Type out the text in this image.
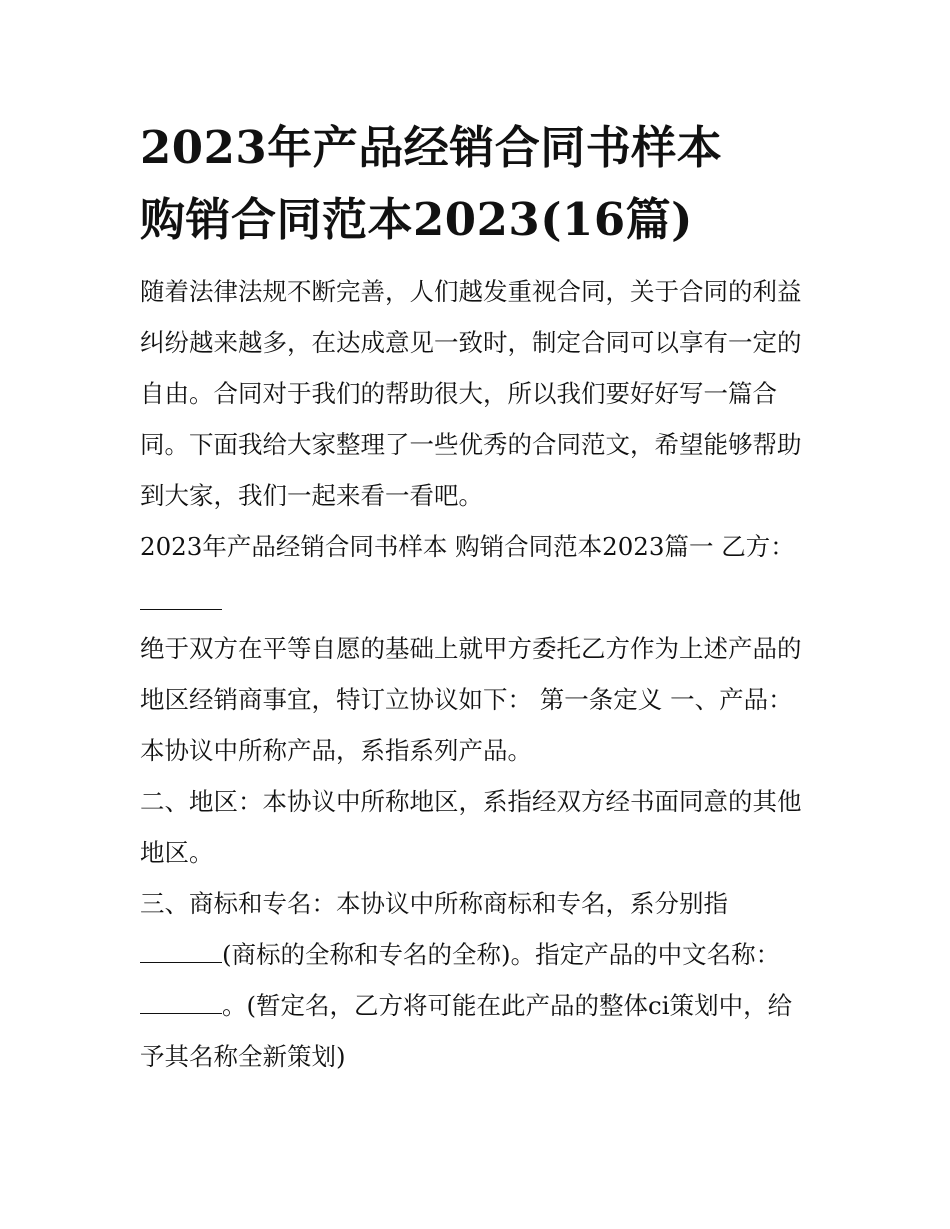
2023年产品经销合同书样本
购销合同范本2023(16篇)

随着法律法规不断完善，人们越发重视合同，关于合同的利益

纠纷越来越多，在达成意见一致时，制定合同可以享有一定的

自由。合同对于我们的帮助很大，所以我们要好好写一篇合

同。下面我给大家整理了一些优秀的合同范文，希望能够帮助

到大家，我们一起来看一看吧。

2023年产品经销合同书样本 购销合同范本2023篇一 乙方：

绝于双方在平等自愿的基础上就甲方委托乙方作为上述产品的

地区经销商事宜，特订立协议如下： 第一条定义 一、产品：

本协议中所称产品，系指系列产品。

二、地区：本协议中所称地区，系指经双方经书面同意的其他

地区。

三、商标和专名：本协议中所称商标和专名，系分别指

(商标的全称和专名的全称)。指定产品的中文名称：

。(暂定名，乙方将可能在此产品的整体ci策划中，给

予其名称全新策划)
